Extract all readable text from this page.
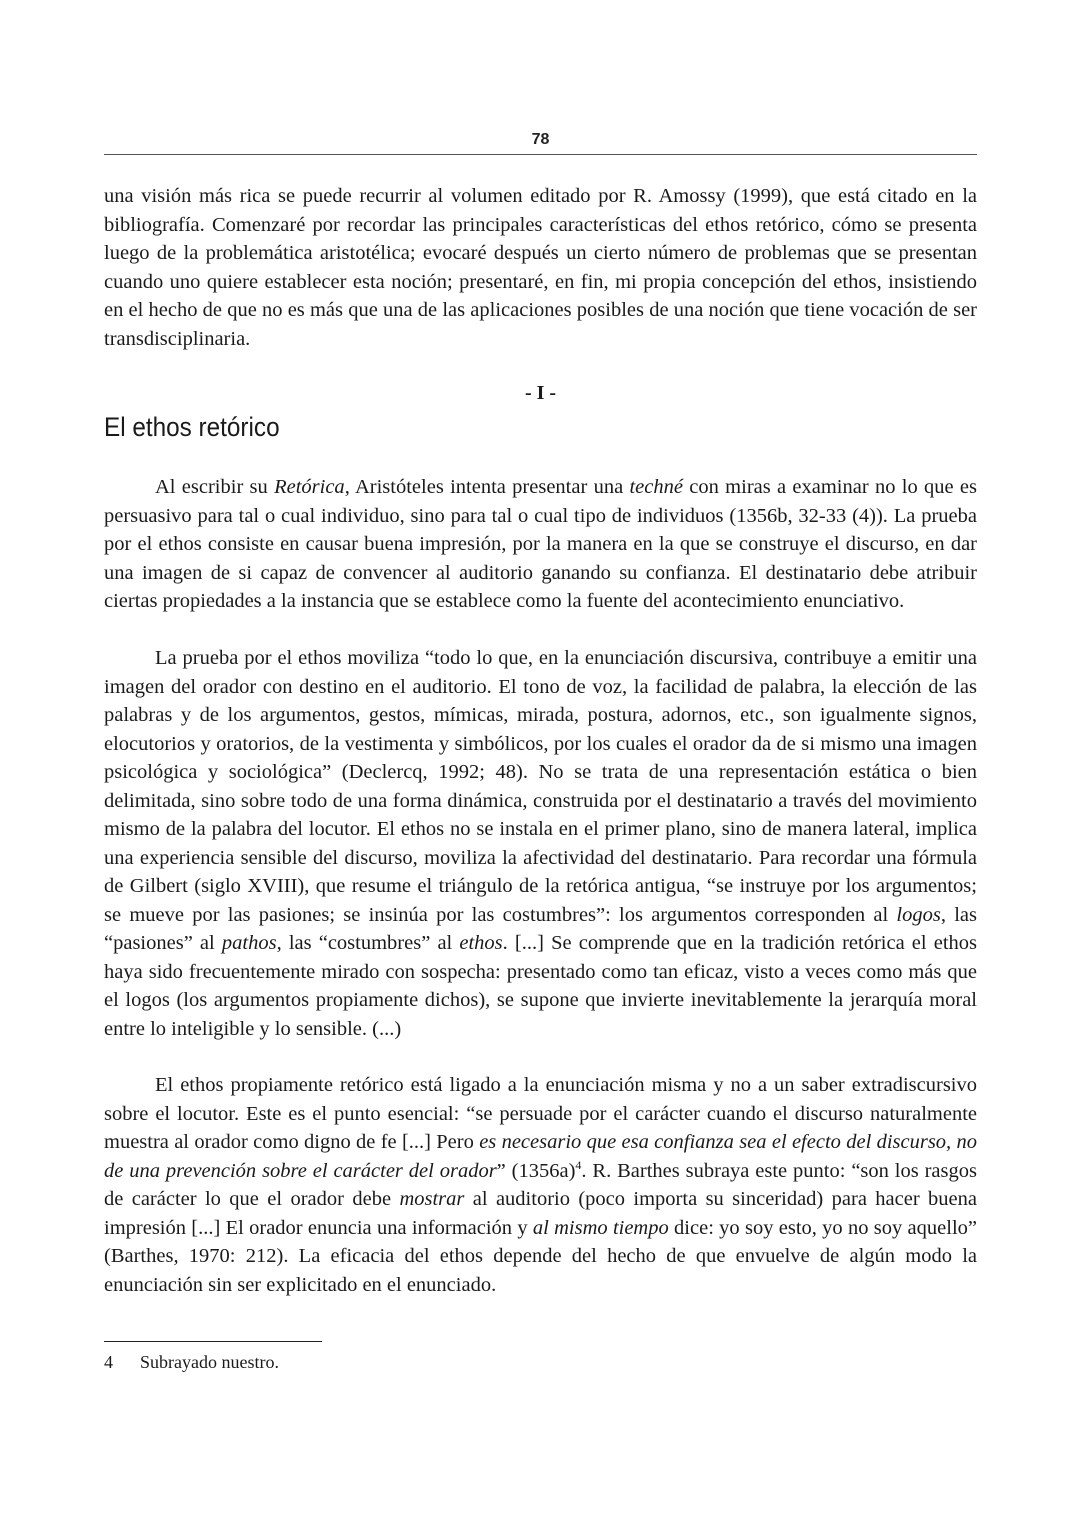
78

una visión más rica se puede recurrir al volumen editado por R. Amossy (1999), que está citado en la bibliografía. Comenzaré por recordar las principales características del ethos retórico, cómo se presenta luego de la problemática aristotélica; evocaré después un cierto número de problemas que se presentan cuando uno quiere establecer esta noción; presentaré, en fin, mi propia concepción del ethos, insistiendo en el hecho de que no es más que una de las aplicaciones posibles de una noción que tiene vocación de ser transdisciplinaria.

- I -
El ethos retórico

Al escribir su Retórica, Aristóteles intenta presentar una techné con miras a examinar no lo que es persuasivo para tal o cual individuo, sino para tal o cual tipo de individuos (1356b, 32-33 (4)). La prueba por el ethos consiste en causar buena impresión, por la manera en la que se construye el discurso, en dar una imagen de si capaz de convencer al auditorio ganando su confianza. El destinatario debe atribuir ciertas propiedades a la instancia que se establece como la fuente del acontecimiento enunciativo.

La prueba por el ethos moviliza “todo lo que, en la enunciación discursiva, contribuye a emitir una imagen del orador con destino en el auditorio. El tono de voz, la facilidad de palabra, la elección de las palabras y de los argumentos, gestos, mímicas, mirada, postura, adornos, etc., son igualmente signos, elocutorios y oratorios, de la vestimenta y simbólicos, por los cuales el orador da de si mismo una imagen psicológica y sociológica” (Declercq, 1992; 48). No se trata de una representación estática o bien delimitada, sino sobre todo de una forma dinámica, construida por el destinatario a través del movimiento mismo de la palabra del locutor. El ethos no se instala en el primer plano, sino de manera lateral, implica una experiencia sensible del discurso, moviliza la afectividad del destinatario. Para recordar una fórmula de Gilbert (siglo XVIII), que resume el triángulo de la retórica antigua, “se instruye por los argumentos; se mueve por las pasiones; se insinúa por las costumbres”: los argumentos corresponden al logos, las “pasiones” al pathos, las “costumbres” al ethos. [...] Se comprende que en la tradición retórica el ethos haya sido frecuentemente mirado con sospecha: presentado como tan eficaz, visto a veces como más que el logos (los argumentos propiamente dichos), se supone que invierte inevitablemente la jerarquía moral entre lo inteligible y lo sensible. (...)

El ethos propiamente retórico está ligado a la enunciación misma y no a un saber extradiscursivo sobre el locutor. Este es el punto esencial: “se persuade por el carácter cuando el discurso naturalmente muestra al orador como digno de fe [...] Pero es necesario que esa confianza sea el efecto del discurso, no de una prevención sobre el carácter del orador” $(1356a)^4$. R. Barthes subraya este punto: “son los rasgos de carácter lo que el orador debe mostrar al auditorio (poco importa su sinceridad) para hacer buena impresión [...] El orador enuncia una información y al mismo tiempo dice: yo soy esto, yo no soy aquello” (Barthes, 1970: 212). La eficacia del ethos depende del hecho de que envuelve de algún modo la enunciación sin ser explicitado en el enunciado.

4 Subrayado nuestro.
